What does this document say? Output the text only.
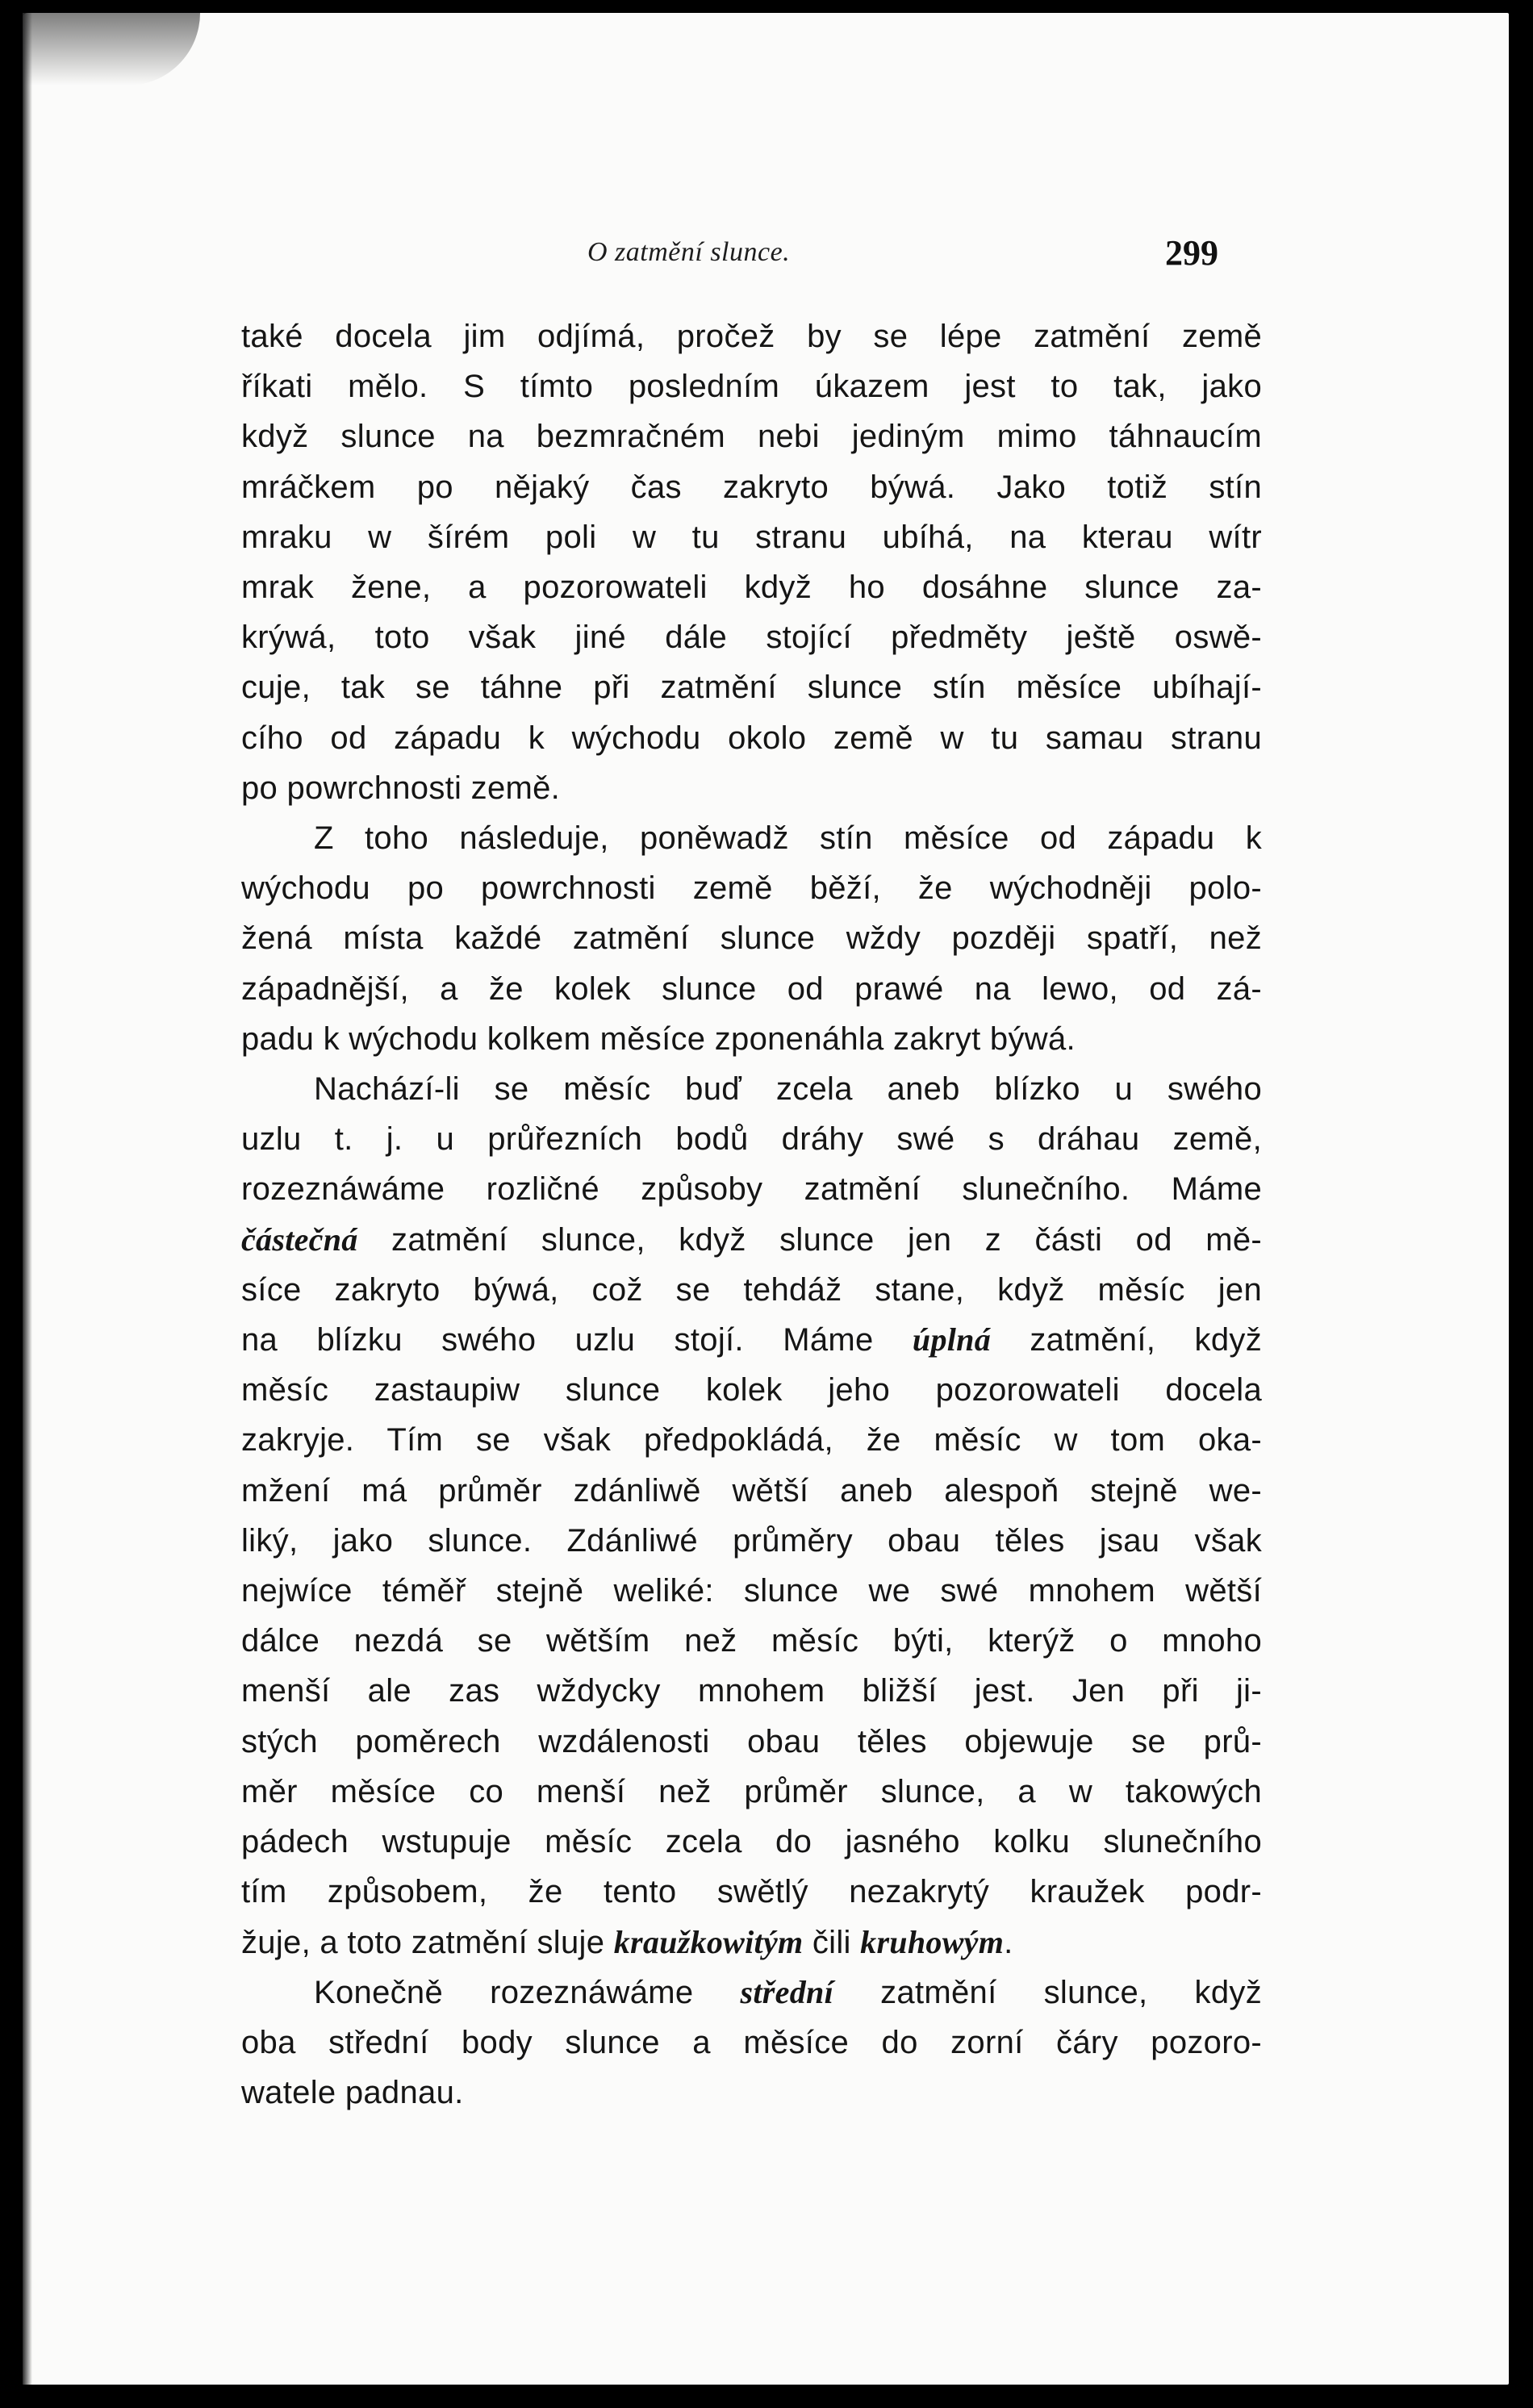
O zatmění slunce.	299

také docela jim odjímá, pročež by se lépe zatmění země
říkati mělo. S tímto posledním úkazem jest to tak, jako
když slunce na bezmračném nebi jediným mimo táhnaucím
mráčkem po nějaký čas zakryto býwá. Jako totiž stín
mraku w šírém poli w tu stranu ubíhá, na kterau wítr
mrak žene, a pozorowateli když ho dosáhne slunce za-
krýwá, toto však jiné dále stojící předměty ještě oswě-
cuje, tak se táhne při zatmění slunce stín měsíce ubíhají-
cího od západu k wýchodu okolo země w tu samau stranu
po powrchnosti země.

Z toho následuje, poněwadž stín měsíce od západu k
wýchodu po powrchnosti země běží, že wýchodněji polo-
žená místa každé zatmění slunce wždy později spatří, než
západnější, a že kolek slunce od prawé na lewo, od zá-
padu k wýchodu kolkem měsíce zponenáhla zakryt býwá.

Nachází-li se měsíc buď zcela aneb blízko u swého
uzlu t. j. u průřezních bodů dráhy swé s dráhau země,
rozeznáwáme rozličné způsoby zatmění slunečního. Máme
částečná zatmění slunce, když slunce jen z části od mě-
síce zakryto býwá, což se tehdáž stane, když měsíc jen
na blízku swého uzlu stojí. Máme úplná zatmění, když
měsíc zastaupiw slunce kolek jeho pozorowateli docela
zakryje. Tím se však předpokládá, že měsíc w tom oka-
mžení má průměr zdánliwě wětší aneb alespoň stejně we-
liký, jako slunce. Zdánliwé průměry obau těles jsau však
nejwíce téměř stejně weliké: slunce we swé mnohem wětší
dálce nezdá se wětším než měsíc býti, kterýž o mnoho
menší ale zas wždycky mnohem bližší jest. Jen při ji-
stých poměrech wzdálenosti obau těles objewuje se prů-
měr měsíce co menší než průměr slunce, a w takowých
pádech wstupuje měsíc zcela do jasného kolku slunečního
tím způsobem, že tento swětlý nezakrytý kraužek podr-
žuje, a toto zatmění sluje kraužkowitým čili kruhowým.

Konečně rozeznáwáme střední zatmění slunce, když
oba střední body slunce a měsíce do zorní čáry pozoro-
watele padnau.
